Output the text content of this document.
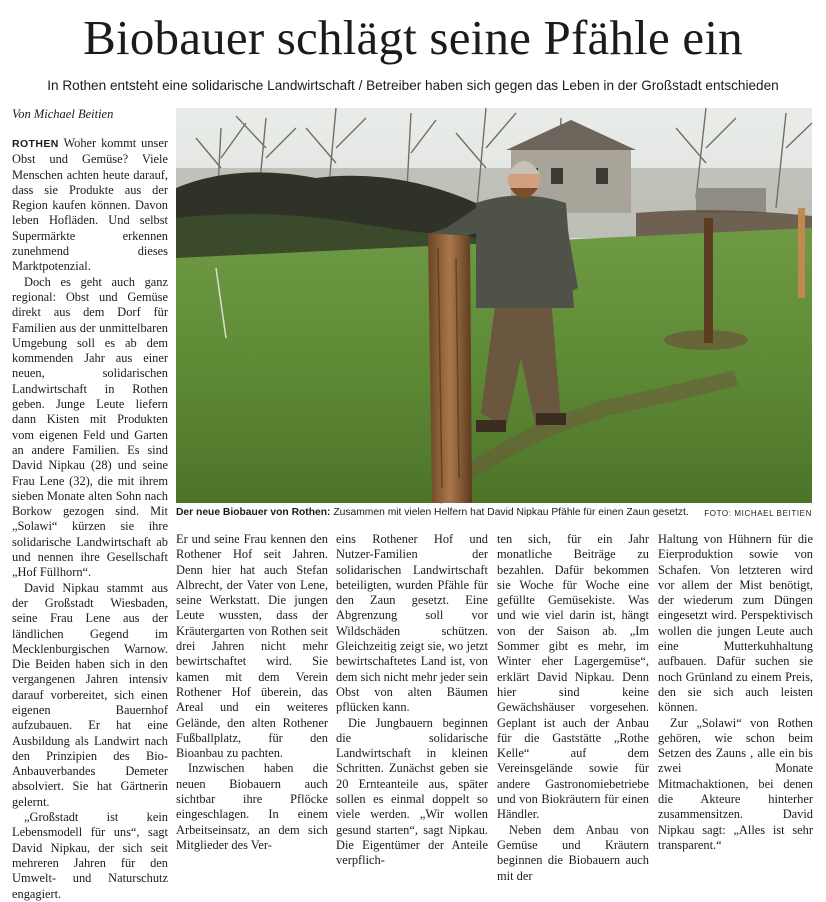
Biobauer schlägt seine Pfähle ein
In Rothen entsteht eine solidarische Landwirtschaft / Betreiber haben sich gegen das Leben in der Großstadt entschieden
Von Michael Beitien
Der neue Biobauer von Rothen: Zusammen mit vielen Helfern hat David Nipkau Pfähle für einen Zaun gesetzt. FOTO: MICHAEL BEITIEN

ROTHEN Woher kommt unser Obst und Gemüse? Viele Menschen achten heute darauf, dass sie Produkte aus der Region kaufen können. Davon leben Hofläden. Und selbst Supermärkte erkennen zunehmend dieses Marktpotenzial.

Doch es geht auch ganz regional: Obst und Gemüse direkt aus dem Dorf für Familien aus der unmittelbaren Umgebung soll es ab dem kommenden Jahr aus einer neuen, solidarischen Landwirtschaft in Rothen geben. Junge Leute liefern dann Kisten mit Produkten vom eigenen Feld und Garten an andere Familien. Es sind David Nipkau (28) und seine Frau Lene (32), die mit ihrem sieben Monate alten Sohn nach Borkow gezogen sind. Mit „Solawi“ kürzen sie ihre solidarische Landwirtschaft ab und nennen ihre Gesellschaft „Hof Füllhorn“.

David Nipkau stammt aus der Großstadt Wiesbaden, seine Frau Lene aus der ländlichen Gegend im Mecklenburgischen Warnow. Die Beiden haben sich in den vergangenen Jahren intensiv darauf vorbereitet, sich einen eigenen Bauernhof aufzubauen. Er hat eine Ausbildung als Landwirt nach den Prinzipien des Bio-Anbauverbandes Demeter absolviert. Sie hat Gärtnerin gelernt.

„Großstadt ist kein Lebensmodell für uns“, sagt David Nipkau, der sich seit mehreren Jahren für den Umwelt- und Naturschutz engagiert.

Er und seine Frau kennen den Rothener Hof seit Jahren. Denn hier hat auch Stefan Albrecht, der Vater von Lene, seine Werkstatt. Die jungen Leute wussten, dass der Kräutergarten von Rothen seit drei Jahren nicht mehr bewirtschaftet wird. Sie kamen mit dem Verein Rothener Hof überein, das Areal und ein weiteres Gelände, den alten Rothener Fußballplatz, für den Bioanbau zu pachten.

Inzwischen haben die neuen Biobauern auch sichtbar ihre Pflöcke eingeschlagen. In einem Arbeitseinsatz, an dem sich Mitglieder des Ver-

eins Rothener Hof und Nutzer-Familien der solidarischen Landwirtschaft beteiligten, wurden Pfähle für den Zaun gesetzt. Eine Abgrenzung soll vor Wildschäden schützen. Gleichzeitig zeigt sie, wo jetzt bewirtschaftetes Land ist, von dem sich nicht mehr jeder sein Obst von alten Bäumen pflücken kann.

Die Jungbauern beginnen die solidarische Landwirtschaft in kleinen Schritten. Zunächst geben sie 20 Ernteanteile aus, später sollen es einmal doppelt so viele werden. „Wir wollen gesund starten“, sagt Nipkau. Die Eigentümer der Anteile verpflich-

ten sich, für ein Jahr monatliche Beiträge zu bezahlen. Dafür bekommen sie Woche für Woche eine gefüllte Gemüsekiste. Was und wie viel darin ist, hängt von der Saison ab. „Im Sommer gibt es mehr, im Winter eher Lagergemüse“, erklärt David Nipkau. Denn hier sind keine Gewächshäuser vorgesehen. Geplant ist auch der Anbau für die Gaststätte „Rothe Kelle“ auf dem Vereinsgelände sowie für andere Gastronomiebetriebe und von Biokräutern für einen Händler.

Neben dem Anbau von Gemüse und Kräutern beginnen die Biobauern auch mit der

Haltung von Hühnern für die Eierproduktion sowie von Schafen. Von letzteren wird vor allem der Mist benötigt, der wiederum zum Düngen eingesetzt wird. Perspektivisch wollen die jungen Leute auch eine Mutterkuhhaltung aufbauen. Dafür suchen sie noch Grünland zu einem Preis, den sie sich auch leisten können.

Zur „Solawi“ von Rothen gehören, wie schon beim Setzen des Zauns , alle ein bis zwei Monate Mitmachaktionen, bei denen die Akteure hinterher zusammensitzen. David Nipkau sagt: „Alles ist sehr transparent.“
